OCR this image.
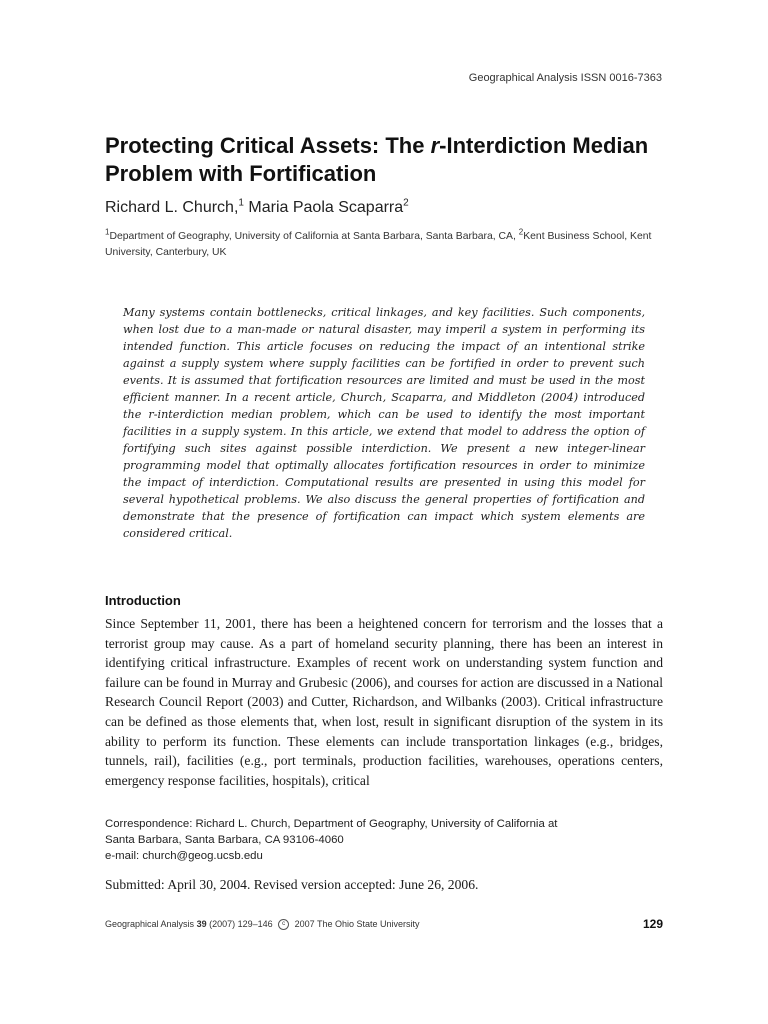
Geographical Analysis ISSN 0016-7363
Protecting Critical Assets: The r-Interdiction Median Problem with Fortification
Richard L. Church,$^1$ Maria Paola Scaparra$^2$
$^1$Department of Geography, University of California at Santa Barbara, Santa Barbara, CA, $^2$Kent Business School, Kent University, Canterbury, UK

Many systems contain bottlenecks, critical linkages, and key facilities. Such components, when lost due to a man-made or natural disaster, may imperil a system in performing its intended function. This article focuses on reducing the impact of an intentional strike against a supply system where supply facilities can be fortified in order to prevent such events. It is assumed that fortification resources are limited and must be used in the most efficient manner. In a recent article, Church, Scaparra, and Middleton (2004) introduced the r-interdiction median problem, which can be used to identify the most important facilities in a supply system. In this article, we extend that model to address the option of fortifying such sites against possible interdiction. We present a new integer-linear programming model that optimally allocates fortification resources in order to minimize the impact of interdiction. Computational results are presented in using this model for several hypothetical problems. We also discuss the general properties of fortification and demonstrate that the presence of fortification can impact which system elements are considered critical.

Introduction

Since September 11, 2001, there has been a heightened concern for terrorism and the losses that a terrorist group may cause. As a part of homeland security planning, there has been an interest in identifying critical infrastructure. Examples of recent work on understanding system function and failure can be found in Murray and Grubesic (2006), and courses for action are discussed in a National Research Council Report (2003) and Cutter, Richardson, and Wilbanks (2003). Critical infrastructure can be defined as those elements that, when lost, result in significant disruption of the system in its ability to perform its function. These elements can include transportation linkages (e.g., bridges, tunnels, rail), facilities (e.g., port terminals, production facilities, warehouses, operations centers, emergency response facilities, hospitals), critical

Correspondence: Richard L. Church, Department of Geography, University of California at
Santa Barbara, Santa Barbara, CA 93106-4060
e-mail: church@geog.ucsb.edu
Submitted: April 30, 2004. Revised version accepted: June 26, 2006.
Geographical Analysis 39 (2007) 129–146 c 2007 The Ohio State University	129
